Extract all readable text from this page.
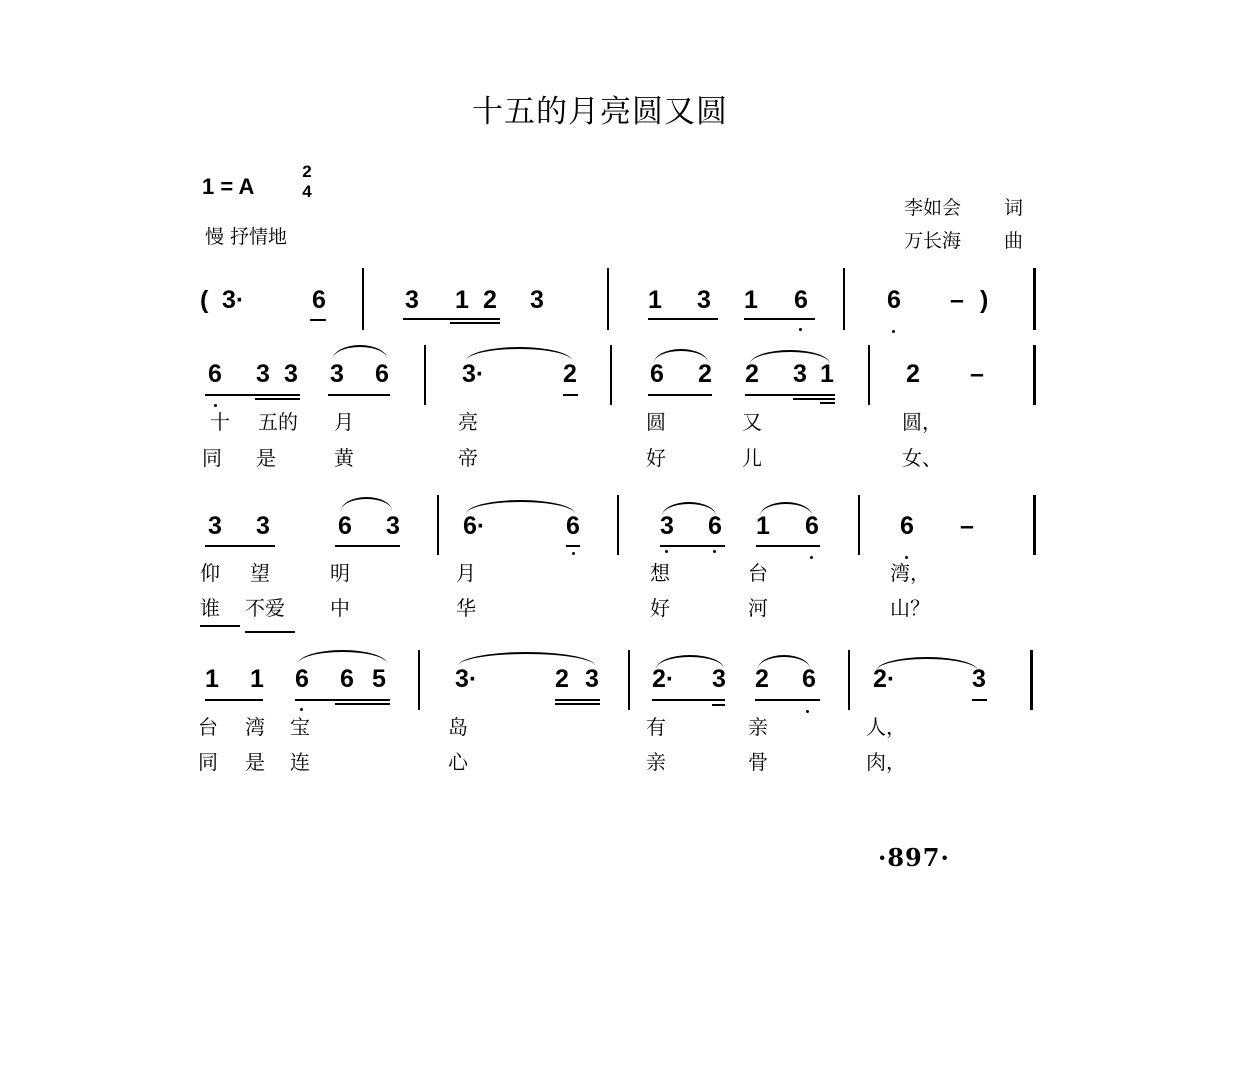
十五的月亮圆又圆
1 = A
2
4
慢 抒情地
李如会 词
万长海 曲
( 3·	6	3 1 2 3	1 3 1 6	6 – )
6 3 3 3 6	3·	2	6 2 2 3 1	2 –
十 五的 月	亮	圆	又	圆，
同 是	黄	帝	好	儿	女、
3 3	6 3	6·	6	3 6 1 6	6 –
仰 望	明	月	想	台	湾，
谁 不爱 中	华	好	河	山？
1 1 6 6 5	3·	2 3 2· 3 2 6 2·	3
台 湾 宝	岛	有	亲	人，
同 是 连	心	亲	骨	肉，
·897·
